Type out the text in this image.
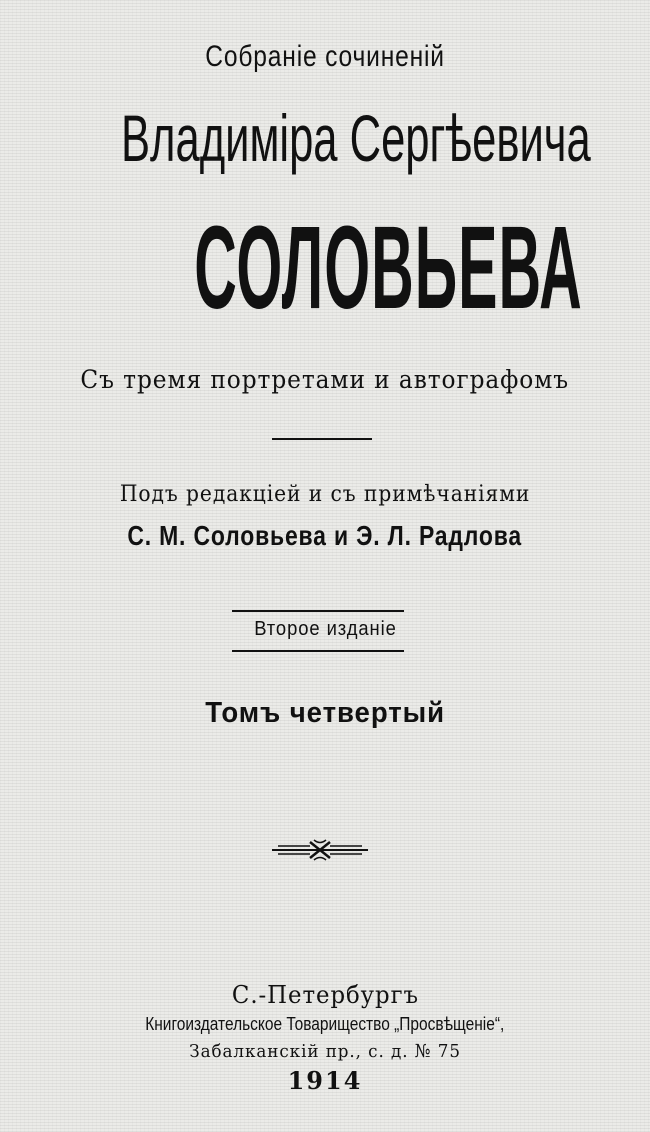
Собраніе сочиненій
Владиміра Сергѣевича
СОЛОВЬЕВА
Съ тремя портретами и автографомъ
Подъ редакціей и съ примѣчаніями
С. М. Соловьева и Э. Л. Радлова
Второе изданіе
Томъ четвертый
С.-Петербургъ
Книгоиздательское Товарищество „Просвѣщеніе“,
Забалканскій пр., с. д. № 75
1914
